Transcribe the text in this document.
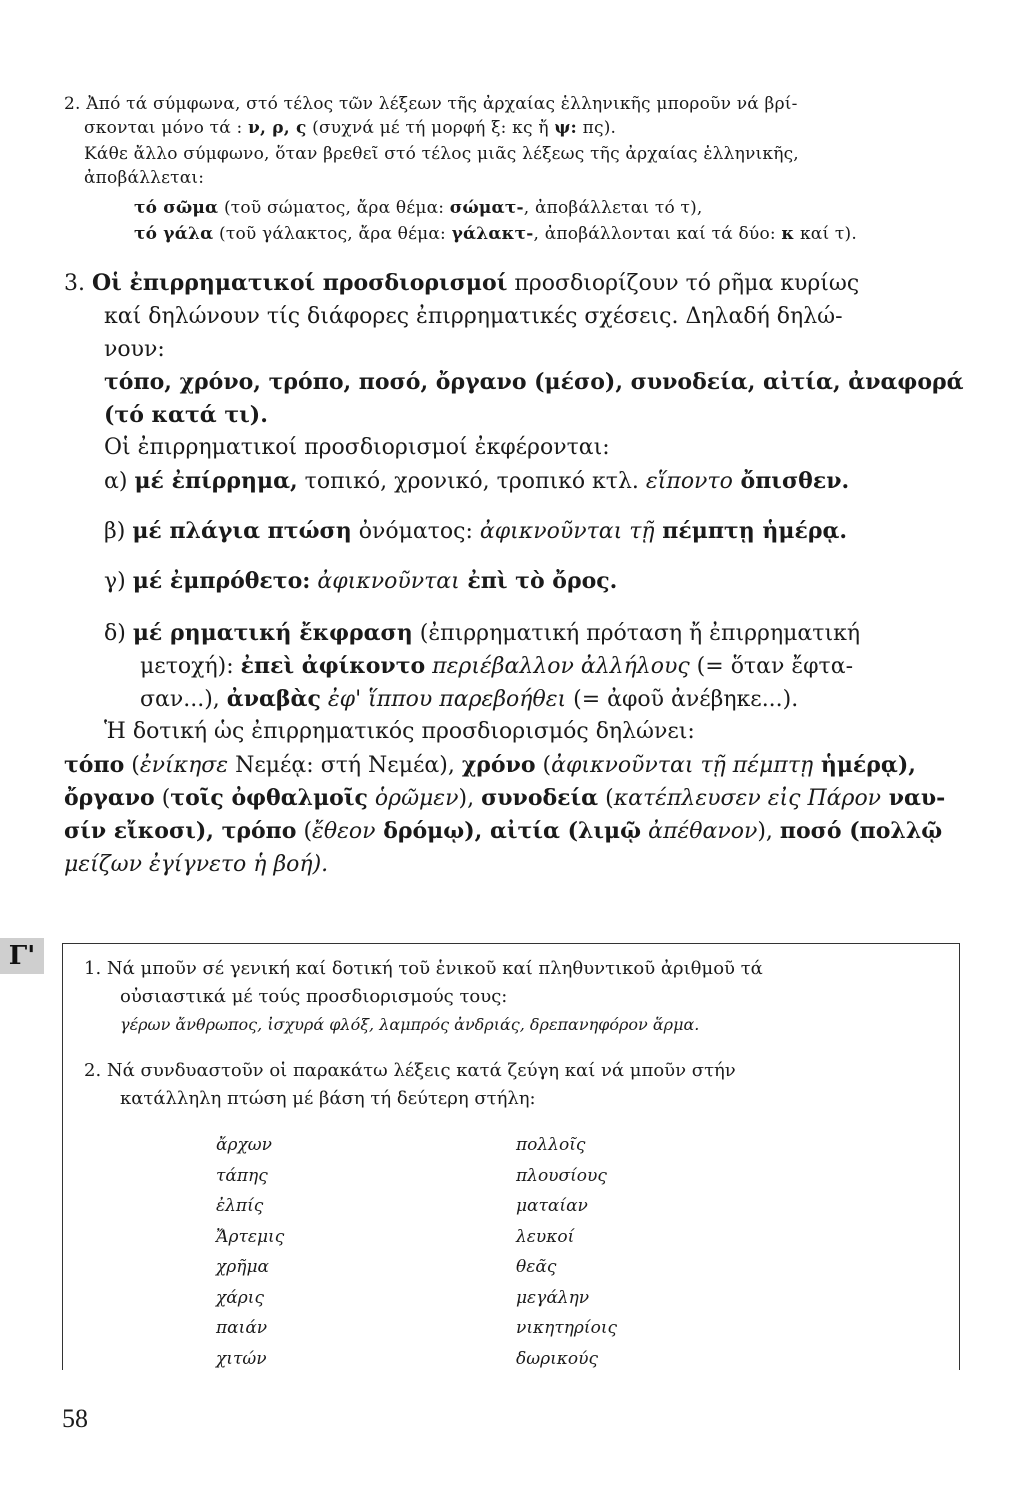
2. Ἀπό τά σύμφωνα, στό τέλος τῶν λέξεων τῆς ἀρχαίας ἑλληνικῆς μποροῦν νά βρί-
σκονται μόνο τά : ν, ρ, ς (συχνά μέ τή μορφή ξ: κς ἤ ψ: πς).
Κάθε ἄλλο σύμφωνο, ὅταν βρεθεῖ στό τέλος μιᾶς λέξεως τῆς ἀρχαίας ἑλληνικῆς,
ἀποβάλλεται:
τό σῶμα (τοῦ σώματος, ἄρα θέμα: σώματ-, ἀποβάλλεται τό τ),
τό γάλα (τοῦ γάλακτος, ἄρα θέμα: γάλακτ-, ἀποβάλλονται καί τά δύο: κ καί τ).
3. Οἱ ἐπιρρηματικοί προσδιορισμοί προσδιορίζουν τό ρῆμα κυρίως
καί δηλώνουν τίς διάφορες ἐπιρρηματικές σχέσεις. Δηλαδή δηλώ-
νουν:
τόπο, χρόνο, τρόπο, ποσό, ὄργανο (μέσο), συνοδεία, αἰτία, ἀναφορά
(τό κατά τι).
Οἱ ἐπιρρηματικοί προσδιορισμοί ἐκφέρονται:
α) μέ ἐπίρρημα, τοπικό, χρονικό, τροπικό κτλ. εἵποντο ὄπισθεν.
β) μέ πλάγια πτώση ὀνόματος: ἀφικνοῦνται τῇ πέμπτῃ ἡμέρᾳ.
γ) μέ ἐμπρόθετο: ἀφικνοῦνται ἐπὶ τὸ ὄρος.
δ) μέ ρηματική ἔκφραση (ἐπιρρηματική πρόταση ἤ ἐπιρρηματική
μετοχή): ἐπεὶ ἀφίκοντο περιέβαλλον ἀλλήλους (= ὅταν ἔφτα-
σαν...), ἀναβὰς ἐφ' ἵππου παρεβοήθει (= ἀφοῦ ἀνέβηκε...).
Ἡ δοτική ὡς ἐπιρρηματικός προσδιορισμός δηλώνει:
τόπο (ἐνίκησε Νεμέᾳ: στή Νεμέα), χρόνο (ἀφικνοῦνται τῇ πέμπτῃ ἡμέρᾳ),
ὄργανο (τοῖς ὀφθαλμοῖς ὁρῶμεν), συνοδεία (κατέπλευσεν εἰς Πάρον ναυ-
σίν εἴκοσι), τρόπο (ἔθεον δρόμῳ), αἰτία (λιμῷ ἀπέθανον), ποσό (πολλῷ
μείζων ἐγίγνετο ἡ βοή).
Γ'	1. Νά μποῦν σέ γενική καί δοτική τοῦ ἑνικοῦ καί πληθυντικοῦ ἀριθμοῦ τά
οὐσιαστικά μέ τούς προσδιορισμούς τους:
γέρων ἄνθρωπος, ἰσχυρά φλόξ, λαμπρός ἀνδριάς, δρεπανηφόρον ἅρμα.
2. Νά συνδυαστοῦν οἱ παρακάτω λέξεις κατά ζεύγη καί νά μποῦν στήν
κατάλληλη πτώση μέ βάση τή δεύτερη στήλη:
58
ἄρχων
τάπης
ἐλπίς
Ἄρτεμις
χρῆμα
χάρις
παιάν
χιτών
πολλοῖς
πλουσίους
ματαίαν
λευκοί
θεᾶς
μεγάλην
νικητηρίοις
δωρικούς
